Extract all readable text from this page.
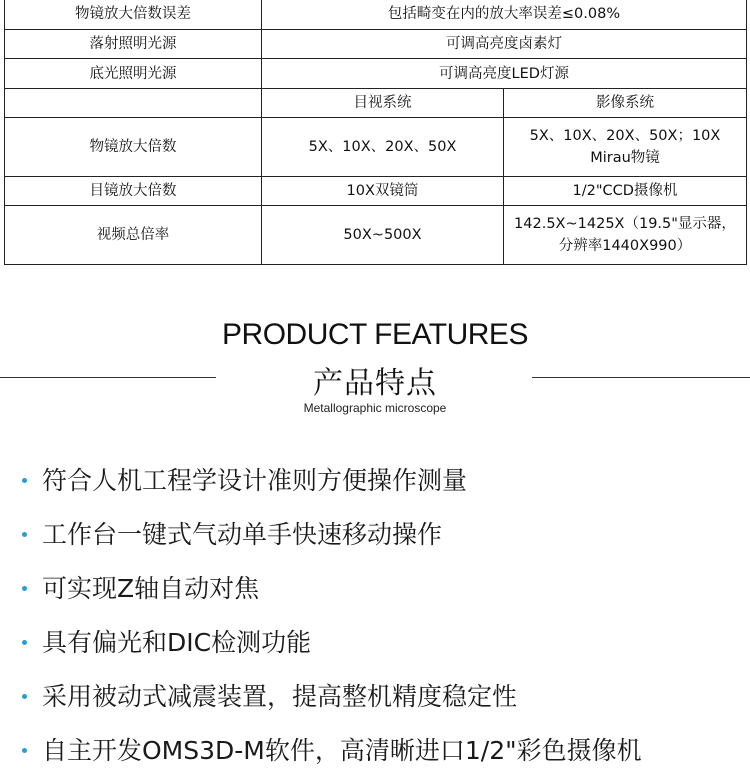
物镜放大倍数误差	包括畸变在内的放大率误差≤0.08%	
落射照明光源	可调高亮度卤素灯	
底光照明光源	可调高亮度LED灯源	
	目视系统	影像系统
物镜放大倍数	5X、10X、20X、50X	5X、10X、20X、50X；10X Mirau物镜
目镜放大倍数	10X双镜筒	1/2"CCD摄像机
视频总倍率	50X~500X	142.5X~1425X（19.5"显示器，分辨率1440X990）
PRODUCT FEATURES
产品特点
Metallographic microscope
符合人机工程学设计准则方便操作测量
工作台一键式气动单手快速移动操作
可实现Z轴自动对焦
具有偏光和DIC检测功能
采用被动式减震装置，提高整机精度稳定性
自主开发OMS3D-M软件，高清晰进口1/2"彩色摄像机
